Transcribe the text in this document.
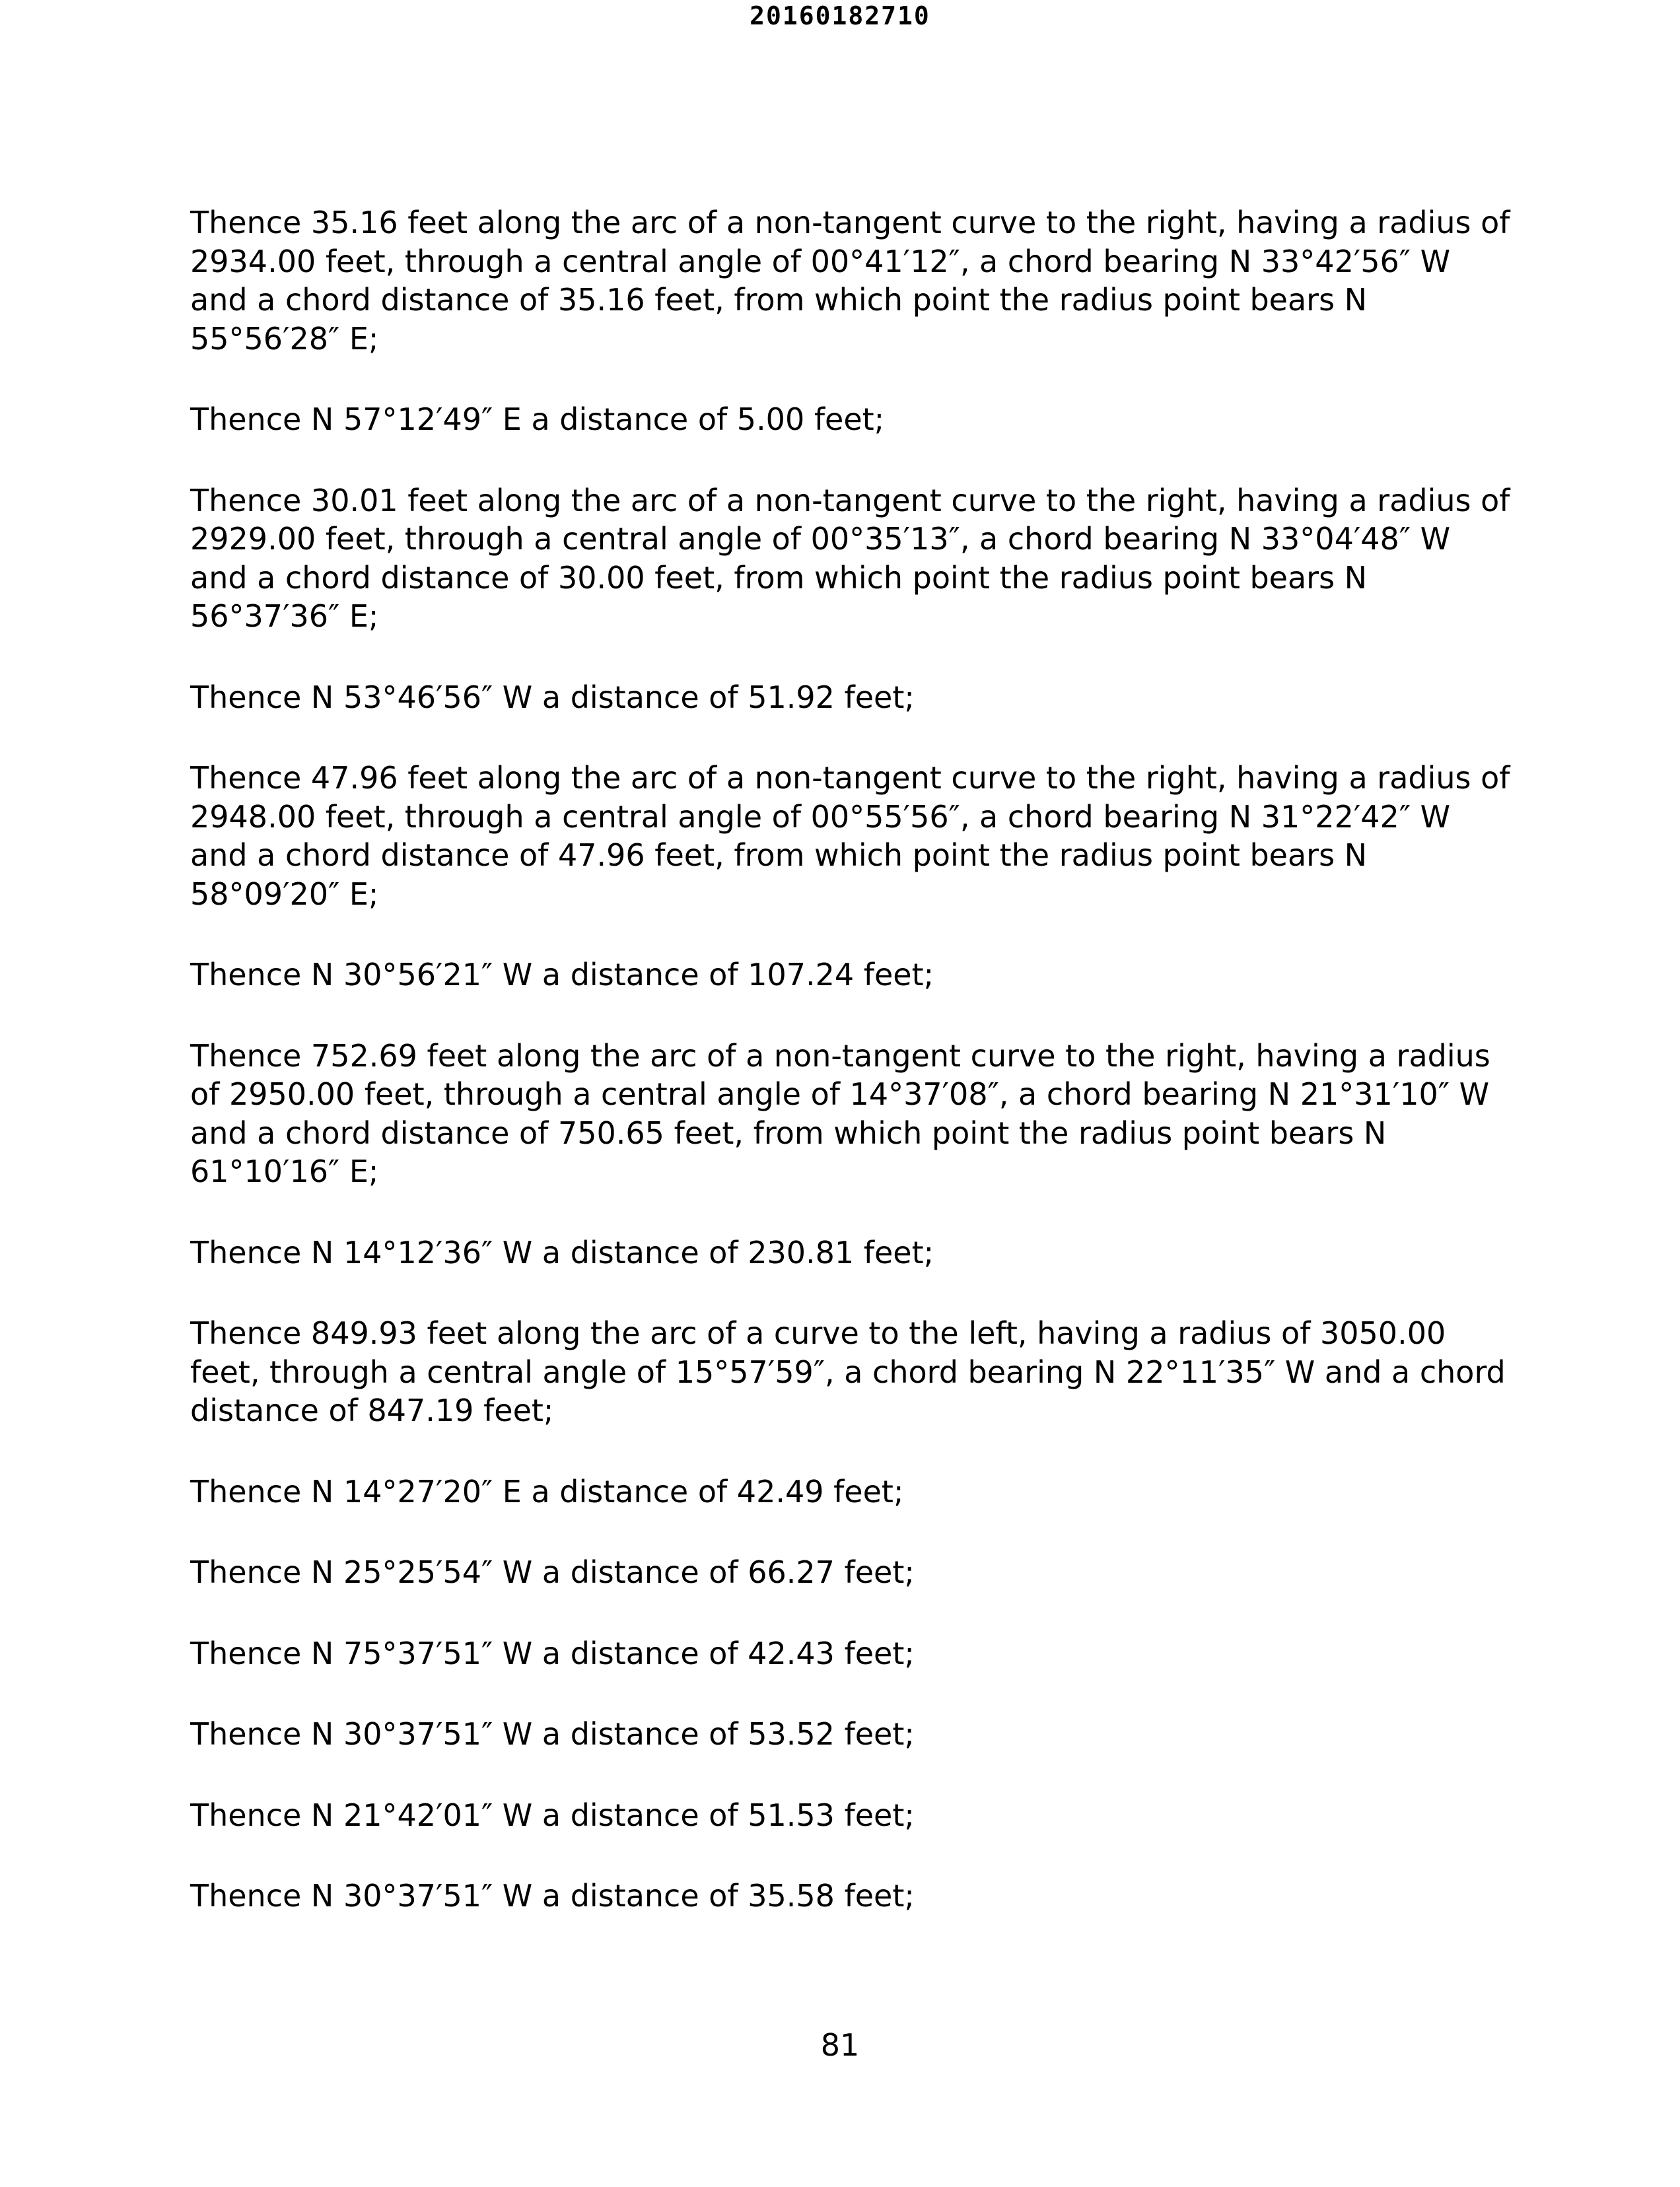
20160182710

Thence 35.16 feet along the arc of a non-tangent curve to the right, having a radius of 2934.00 feet, through a central angle of 00°41′12″, a chord bearing N 33°42′56″ W and a chord distance of 35.16 feet, from which point the radius point bears N 55°56′28″ E;

Thence N 57°12′49″ E a distance of 5.00 feet;

Thence 30.01 feet along the arc of a non-tangent curve to the right, having a radius of 2929.00 feet, through a central angle of 00°35′13″, a chord bearing N 33°04′48″ W and a chord distance of 30.00 feet, from which point the radius point bears N 56°37′36″ E;

Thence N 53°46′56″ W a distance of 51.92 feet;

Thence 47.96 feet along the arc of a non-tangent curve to the right, having a radius of 2948.00 feet, through a central angle of 00°55′56″, a chord bearing N 31°22′42″ W and a chord distance of 47.96 feet, from which point the radius point bears N 58°09′20″ E;

Thence N 30°56′21″ W a distance of 107.24 feet;

Thence 752.69 feet along the arc of a non-tangent curve to the right, having a radius of 2950.00 feet, through a central angle of 14°37′08″, a chord bearing N 21°31′10″ W and a chord distance of 750.65 feet, from which point the radius point bears N 61°10′16″ E;

Thence N 14°12′36″ W a distance of 230.81 feet;

Thence 849.93 feet along the arc of a curve to the left, having a radius of 3050.00 feet, through a central angle of 15°57′59″, a chord bearing N 22°11′35″ W and a chord distance of 847.19 feet;

Thence N 14°27′20″ E a distance of 42.49 feet;

Thence N 25°25′54″ W a distance of 66.27 feet;

Thence N 75°37′51″ W a distance of 42.43 feet;

Thence N 30°37′51″ W a distance of 53.52 feet;

Thence N 21°42′01″ W a distance of 51.53 feet;

Thence N 30°37′51″ W a distance of 35.58 feet;

81
